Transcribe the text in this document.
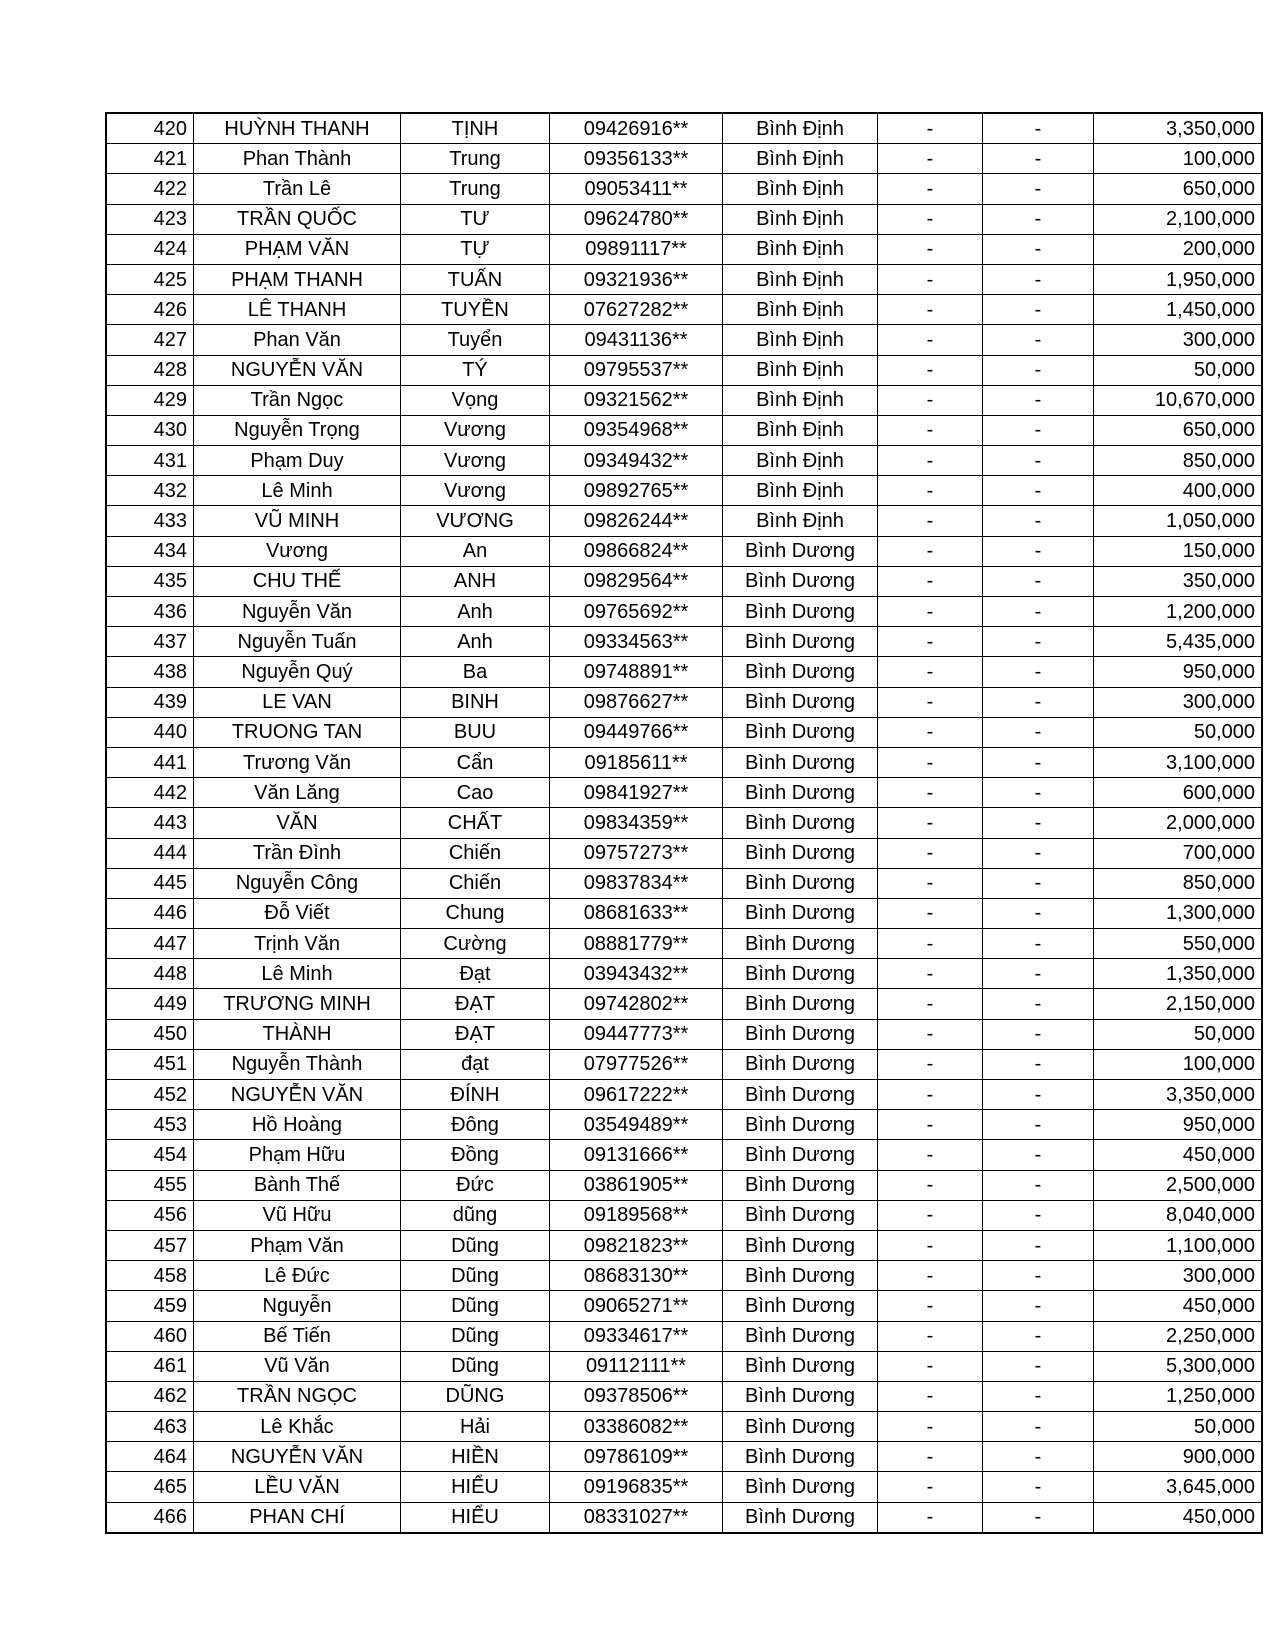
420	HUỲNH THANH	TỊNH	09426916**	Bình Định	-	-	3,350,000
421	Phan Thành	Trung	09356133**	Bình Định	-	-	100,000
422	Trần Lê	Trung	09053411**	Bình Định	-	-	650,000
423	TRẦN QUỐC	TƯ	09624780**	Bình Định	-	-	2,100,000
424	PHẠM VĂN	TỰ	09891117**	Bình Định	-	-	200,000
425	PHẠM THANH	TUẤN	09321936**	Bình Định	-	-	1,950,000
426	LÊ THANH	TUYỀN	07627282**	Bình Định	-	-	1,450,000
427	Phan Văn	Tuyển	09431136**	Bình Định	-	-	300,000
428	NGUYỄN VĂN	TÝ	09795537**	Bình Định	-	-	50,000
429	Trần Ngọc	Vọng	09321562**	Bình Định	-	-	10,670,000
430	Nguyễn Trọng	Vương	09354968**	Bình Định	-	-	650,000
431	Phạm Duy	Vương	09349432**	Bình Định	-	-	850,000
432	Lê Minh	Vương	09892765**	Bình Định	-	-	400,000
433	VŨ MINH	VƯƠNG	09826244**	Bình Định	-	-	1,050,000
434	Vương	An	09866824**	Bình Dương	-	-	150,000
435	CHU THẾ	ANH	09829564**	Bình Dương	-	-	350,000
436	Nguyễn Văn	Anh	09765692**	Bình Dương	-	-	1,200,000
437	Nguyễn Tuấn	Anh	09334563**	Bình Dương	-	-	5,435,000
438	Nguyễn Quý	Ba	09748891**	Bình Dương	-	-	950,000
439	LE VAN	BINH	09876627**	Bình Dương	-	-	300,000
440	TRUONG TAN	BUU	09449766**	Bình Dương	-	-	50,000
441	Trương Văn	Cẩn	09185611**	Bình Dương	-	-	3,100,000
442	Văn Lăng	Cao	09841927**	Bình Dương	-	-	600,000
443	VĂN	CHẤT	09834359**	Bình Dương	-	-	2,000,000
444	Trần Đình	Chiến	09757273**	Bình Dương	-	-	700,000
445	Nguyễn Công	Chiến	09837834**	Bình Dương	-	-	850,000
446	Đỗ Viết	Chung	08681633**	Bình Dương	-	-	1,300,000
447	Trịnh Văn	Cường	08881779**	Bình Dương	-	-	550,000
448	Lê Minh	Đạt	03943432**	Bình Dương	-	-	1,350,000
449	TRƯƠNG MINH	ĐẠT	09742802**	Bình Dương	-	-	2,150,000
450	THÀNH	ĐẠT	09447773**	Bình Dương	-	-	50,000
451	Nguyễn Thành	đạt	07977526**	Bình Dương	-	-	100,000
452	NGUYỄN VĂN	ĐÍNH	09617222**	Bình Dương	-	-	3,350,000
453	Hồ Hoàng	Đông	03549489**	Bình Dương	-	-	950,000
454	Phạm Hữu	Đồng	09131666**	Bình Dương	-	-	450,000
455	Bành Thế	Đức	03861905**	Bình Dương	-	-	2,500,000
456	Vũ Hữu	dũng	09189568**	Bình Dương	-	-	8,040,000
457	Phạm Văn	Dũng	09821823**	Bình Dương	-	-	1,100,000
458	Lê Đức	Dũng	08683130**	Bình Dương	-	-	300,000
459	Nguyễn	Dũng	09065271**	Bình Dương	-	-	450,000
460	Bế Tiến	Dũng	09334617**	Bình Dương	-	-	2,250,000
461	Vũ Văn	Dũng	09112111**	Bình Dương	-	-	5,300,000
462	TRẦN NGỌC	DŨNG	09378506**	Bình Dương	-	-	1,250,000
463	Lê Khắc	Hải	03386082**	Bình Dương	-	-	50,000
464	NGUYỄN VĂN	HIỀN	09786109**	Bình Dương	-	-	900,000
465	LỀU VĂN	HIỂU	09196835**	Bình Dương	-	-	3,645,000
466	PHAN CHÍ	HIỂU	08331027**	Bình Dương	-	-	450,000
